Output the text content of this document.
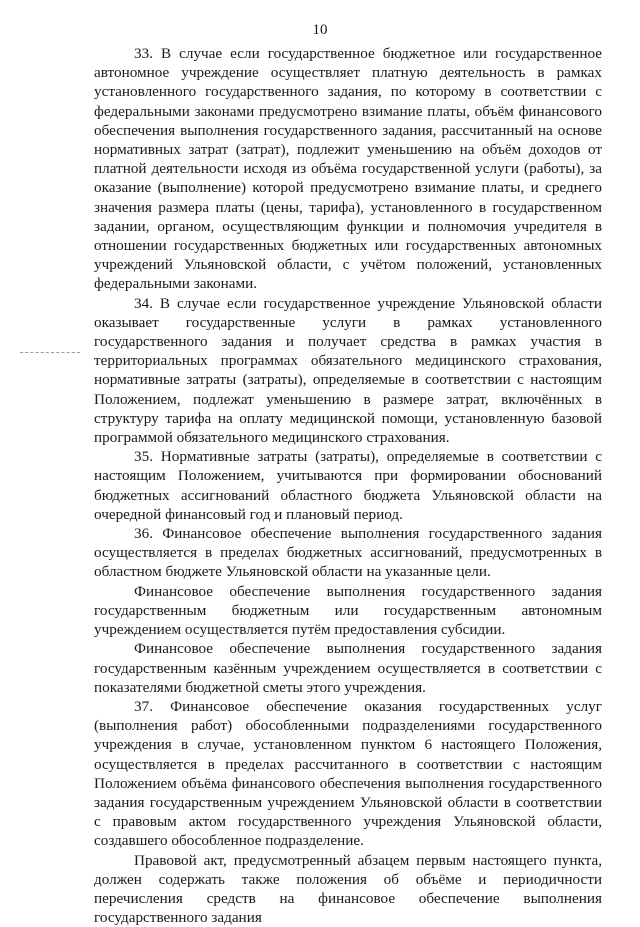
10

33. В случае если государственное бюджетное или государственное автономное учреждение осуществляет платную деятельность в рамках установленного государственного задания, по которому в соответствии с федеральными законами предусмотрено взимание платы, объём финансового обеспечения выполнения государственного задания, рассчитанный на основе нормативных затрат (затрат), подлежит уменьшению на объём доходов от платной деятельности исходя из объёма государственной услуги (работы), за оказание (выполнение) которой предусмотрено взимание платы, и среднего значения размера платы (цены, тарифа), установленного в государственном задании, органом, осуществляющим функции и полномочия учредителя в отношении государственных бюджетных или государственных автономных учреждений Ульяновской области, с учётом положений, установленных федеральными законами.

34. В случае если государственное учреждение Ульяновской области оказывает государственные услуги в рамках установленного государственного задания и получает средства в рамках участия в территориальных программах обязательного медицинского страхования, нормативные затраты (затраты), определяемые в соответствии с настоящим Положением, подлежат уменьшению в размере затрат, включённых в структуру тарифа на оплату медицинской помощи, установленную базовой программой обязательного медицинского страхования.

35. Нормативные затраты (затраты), определяемые в соответствии с настоящим Положением, учитываются при формировании обоснований бюджетных ассигнований областного бюджета Ульяновской области на очередной финансовый год и плановый период.

36. Финансовое обеспечение выполнения государственного задания осуществляется в пределах бюджетных ассигнований, предусмотренных в областном бюджете Ульяновской области на указанные цели.

Финансовое обеспечение выполнения государственного задания государственным бюджетным или государственным автономным учреждением осуществляется путём предоставления субсидии.

Финансовое обеспечение выполнения государственного задания государственным казённым учреждением осуществляется в соответствии с показателями бюджетной сметы этого учреждения.

37. Финансовое обеспечение оказания государственных услуг (выполнения работ) обособленными подразделениями государственного учреждения в случае, установленном пунктом 6 настоящего Положения, осуществляется в пределах рассчитанного в соответствии с настоящим Положением объёма финансового обеспечения выполнения государственного задания государственным учреждением Ульяновской области в соответствии с правовым актом государственного учреждения Ульяновской области, создавшего обособленное подразделение.

Правовой акт, предусмотренный абзацем первым настоящего пункта, должен содержать также положения об объёме и периодичности перечисления средств на финансовое обеспечение выполнения государственного задания
